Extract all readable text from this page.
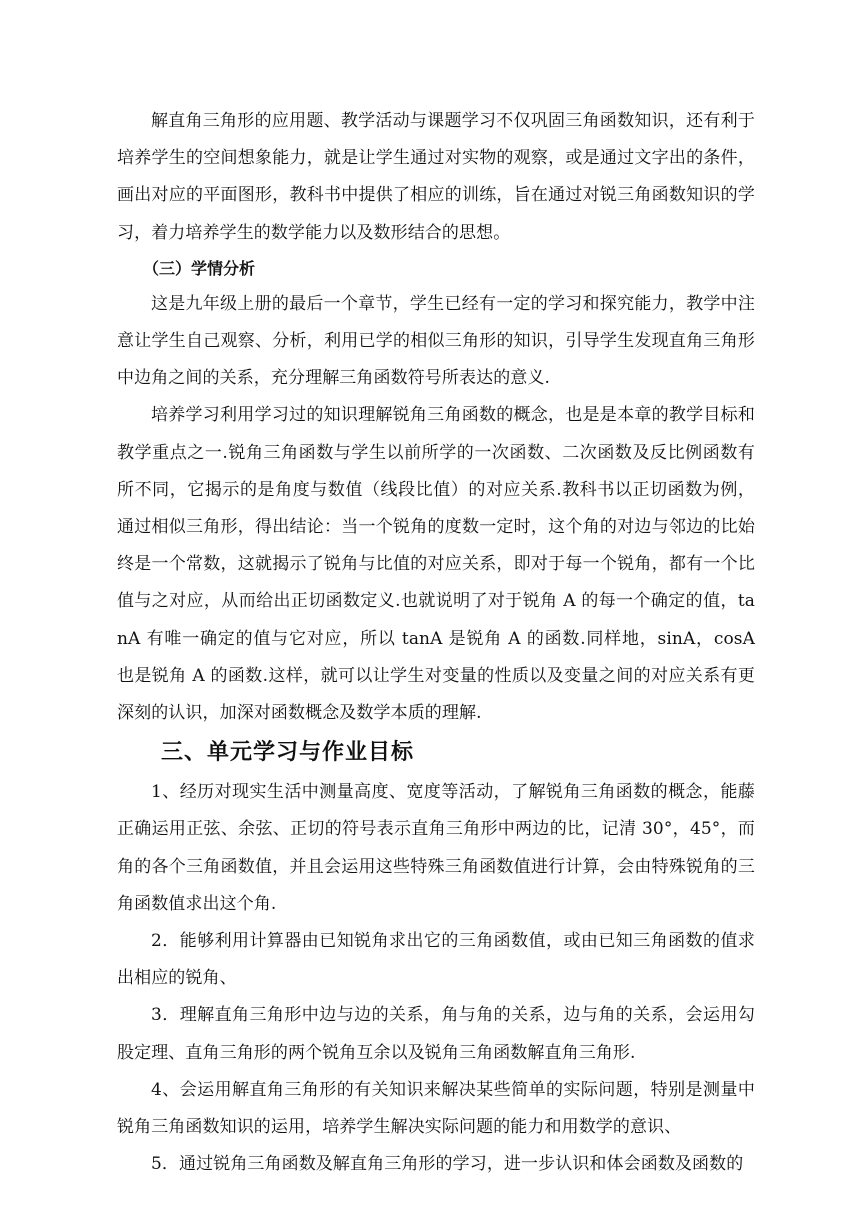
解直角三角形的应用题、教学活动与课题学习不仅巩固三角函数知识，还有利于培养学生的空间想象能力，就是让学生通过对实物的观察，或是通过文字出的条件，画出对应的平面图形，教科书中提供了相应的训练，旨在通过对锐三角函数知识的学习，着力培养学生的数学能力以及数形结合的思想。

（三）学情分析

这是九年级上册的最后一个章节，学生已经有一定的学习和探究能力，教学中注意让学生自己观察、分析，利用已学的相似三角形的知识，引导学生发现直角三角形中边角之间的关系，充分理解三角函数符号所表达的意义.

培养学习利用学习过的知识理解锐角三角函数的概念，也是是本章的教学目标和教学重点之一.锐角三角函数与学生以前所学的一次函数、二次函数及反比例函数有所不同，它揭示的是角度与数值（线段比值）的对应关系.教科书以正切函数为例，通过相似三角形，得出结论：当一个锐角的度数一定时，这个角的对边与邻边的比始终是一个常数，这就揭示了锐角与比值的对应关系，即对于每一个锐角，都有一个比值与之对应，从而给出正切函数定义.也就说明了对于锐角 A 的每一个确定的值，tanA 有唯一确定的值与它对应，所以 tanA 是锐角 A 的函数.同样地，sinA，cosA 也是锐角 A 的函数.这样，就可以让学生对变量的性质以及变量之间的对应关系有更深刻的认识，加深对函数概念及数学本质的理解.

三、单元学习与作业目标

1、经历对现实生活中测量高度、宽度等活动，了解锐角三角函数的概念，能藤正确运用正弦、余弦、正切的符号表示直角三角形中两边的比，记清 30°，45°，而角的各个三角函数值，并且会运用这些特殊三角函数值进行计算，会由特殊锐角的三角函数值求出这个角.

2．能够利用计算器由已知锐角求出它的三角函数值，或由已知三角函数的值求出相应的锐角、

3．理解直角三角形中边与边的关系，角与角的关系，边与角的关系，会运用勾股定理、直角三角形的两个锐角互余以及锐角三角函数解直角三角形.

4、会运用解直角三角形的有关知识来解决某些简单的实际问题，特别是测量中锐角三角函数知识的运用，培养学生解决实际问题的能力和用数学的意识、

5．通过锐角三角函数及解直角三角形的学习，进一步认识和体会函数及函数的
